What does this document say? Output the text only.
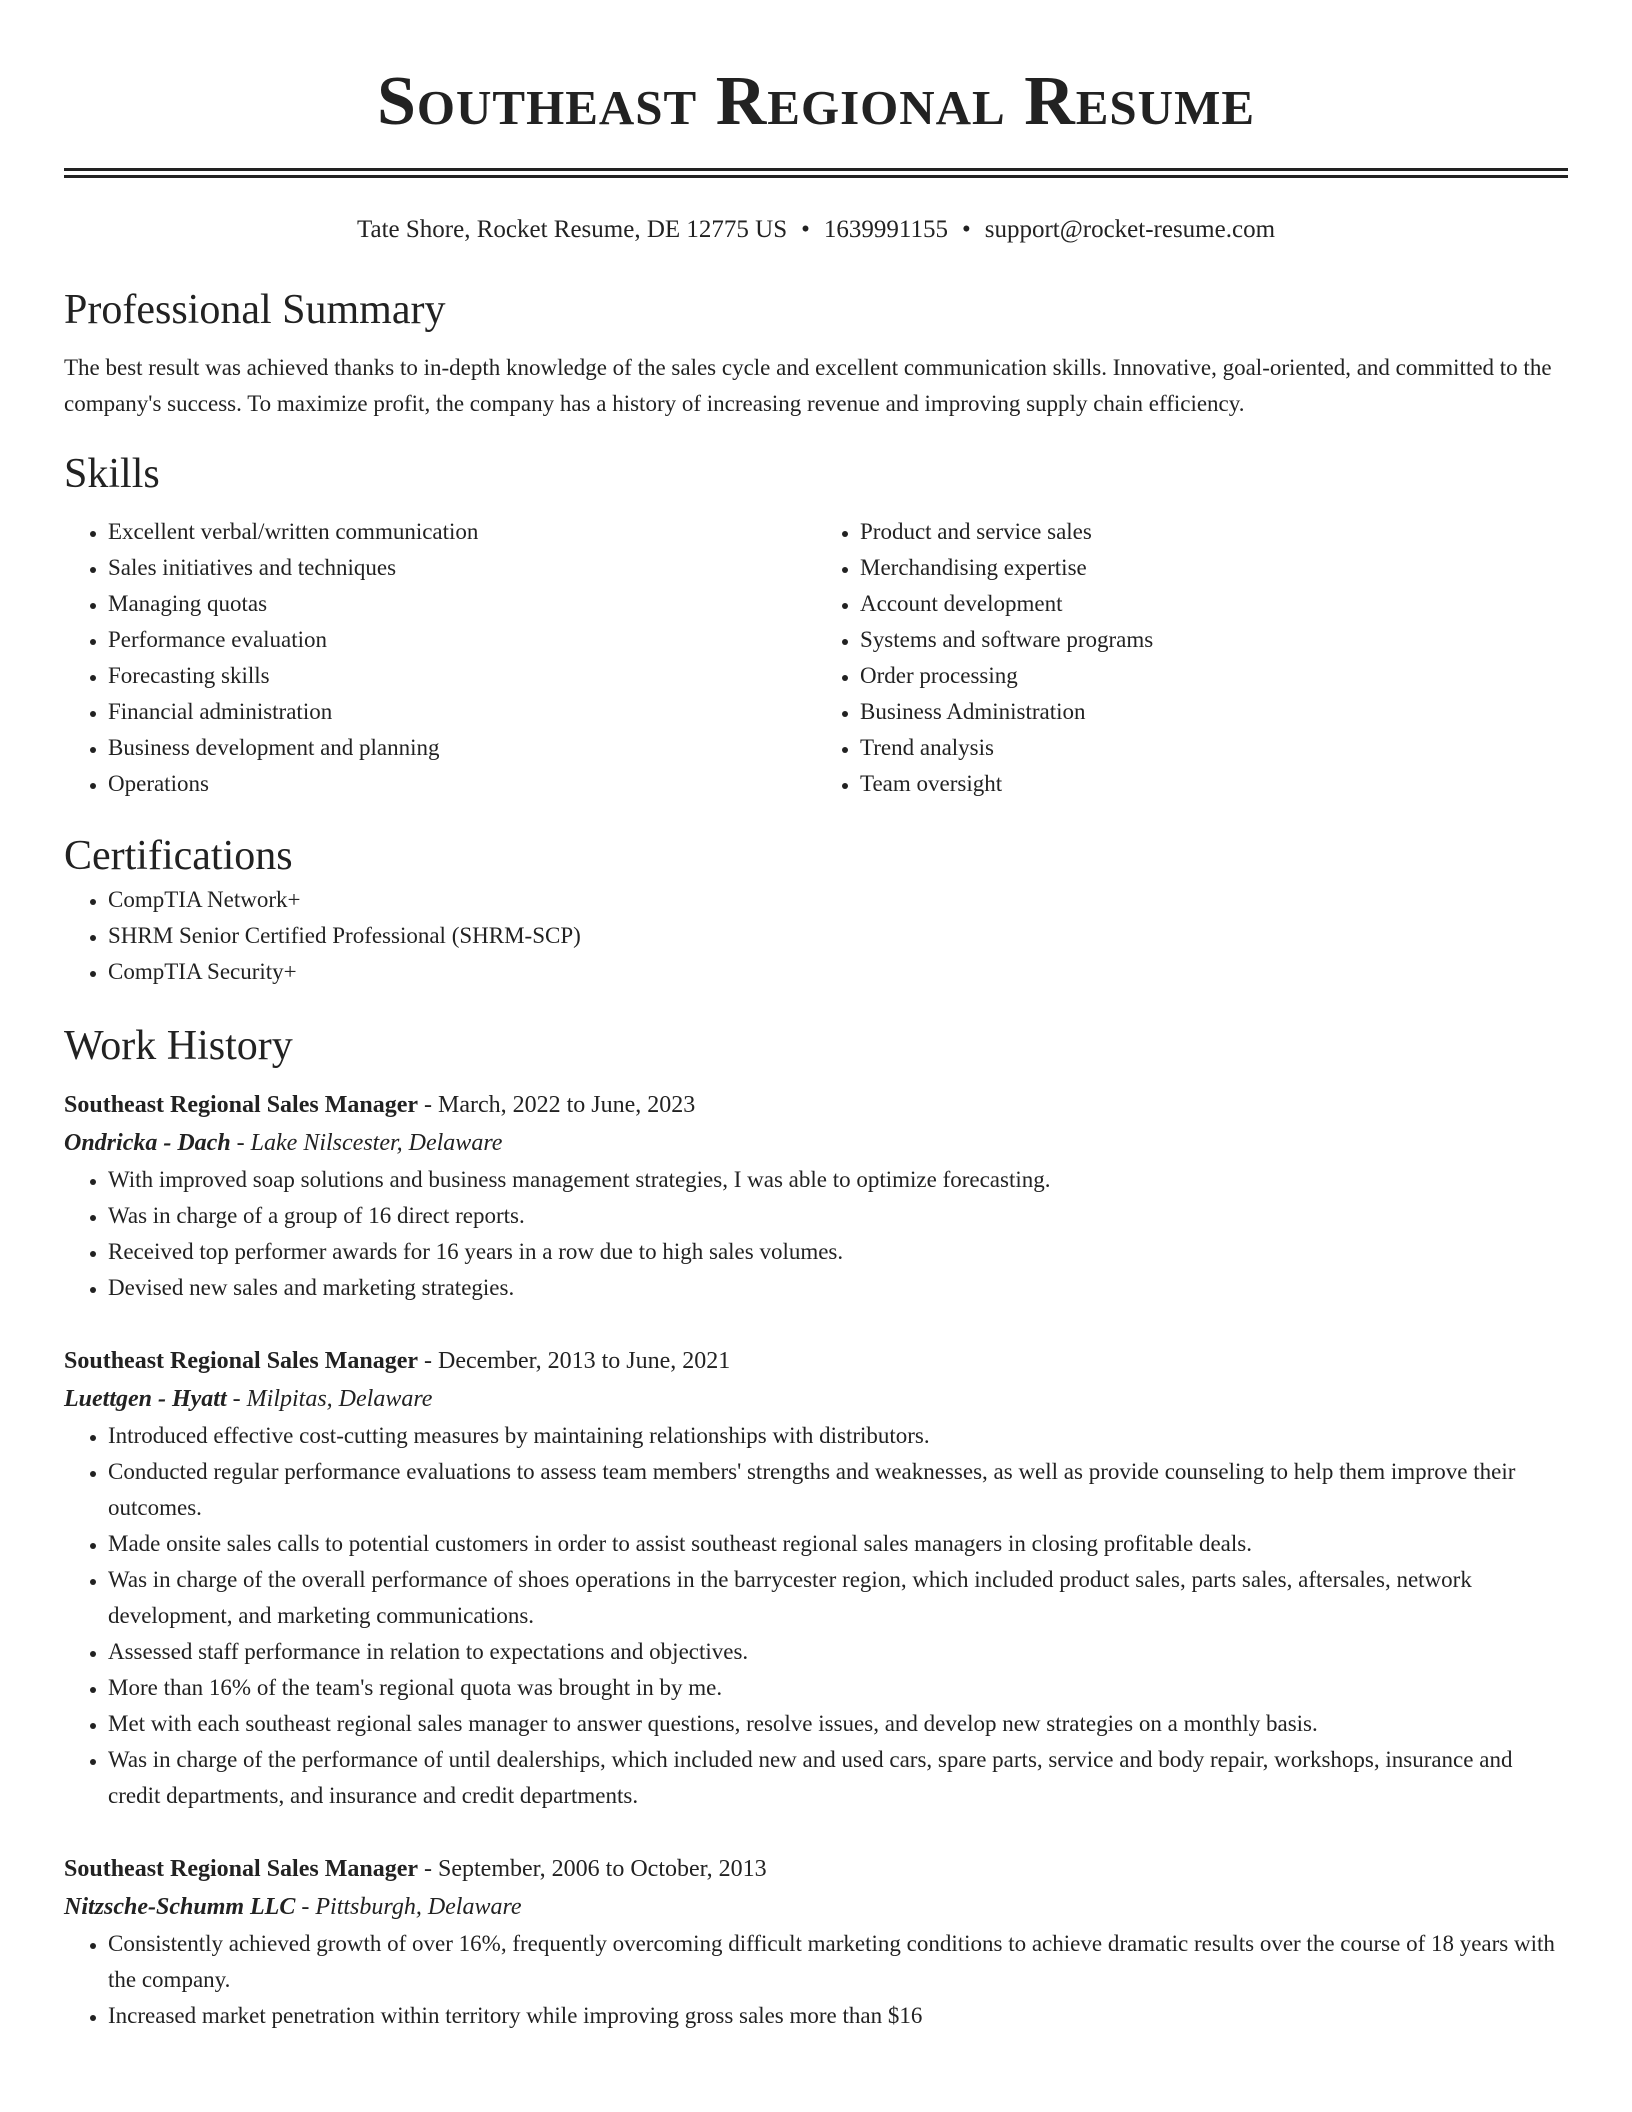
Southeast Regional Resume
Tate Shore, Rocket Resume, DE 12775 US • 1639991155 • support@rocket-resume.com
Professional Summary

The best result was achieved thanks to in-depth knowledge of the sales cycle and excellent communication skills. Innovative, goal-oriented, and committed to the company's success. To maximize profit, the company has a history of increasing revenue and improving supply chain efficiency.

Skills
• Excellent verbal/written communication
• Sales initiatives and techniques
• Managing quotas
• Performance evaluation
• Forecasting skills
• Financial administration
• Business development and planning
• Operations
• Product and service sales
• Merchandising expertise
• Account development
• Systems and software programs
• Order processing
• Business Administration
• Trend analysis
• Team oversight
Certifications
• CompTIA Network+
• SHRM Senior Certified Professional (SHRM-SCP)
• CompTIA Security+
Work History
Southeast Regional Sales Manager - March, 2022 to June, 2023
Ondricka - Dach - Lake Nilscester, Delaware
• With improved soap solutions and business management strategies, I was able to optimize forecasting.
• Was in charge of a group of 16 direct reports.
• Received top performer awards for 16 years in a row due to high sales volumes.
• Devised new sales and marketing strategies.
Southeast Regional Sales Manager - December, 2013 to June, 2021
Luettgen - Hyatt - Milpitas, Delaware
• Introduced effective cost-cutting measures by maintaining relationships with distributors.
• Conducted regular performance evaluations to assess team members' strengths and weaknesses, as well as provide counseling to help them improve their outcomes.
• Made onsite sales calls to potential customers in order to assist southeast regional sales managers in closing profitable deals.
• Was in charge of the overall performance of shoes operations in the barrycester region, which included product sales, parts sales, aftersales, network development, and marketing communications.
• Assessed staff performance in relation to expectations and objectives.
• More than 16% of the team's regional quota was brought in by me.
• Met with each southeast regional sales manager to answer questions, resolve issues, and develop new strategies on a monthly basis.
• Was in charge of the performance of until dealerships, which included new and used cars, spare parts, service and body repair, workshops, insurance and credit departments, and insurance and credit departments.
Southeast Regional Sales Manager - September, 2006 to October, 2013
Nitzsche-Schumm LLC - Pittsburgh, Delaware
• Consistently achieved growth of over 16%, frequently overcoming difficult marketing conditions to achieve dramatic results over the course of 18 years with the company.
• Increased market penetration within territory while improving gross sales more than $16
